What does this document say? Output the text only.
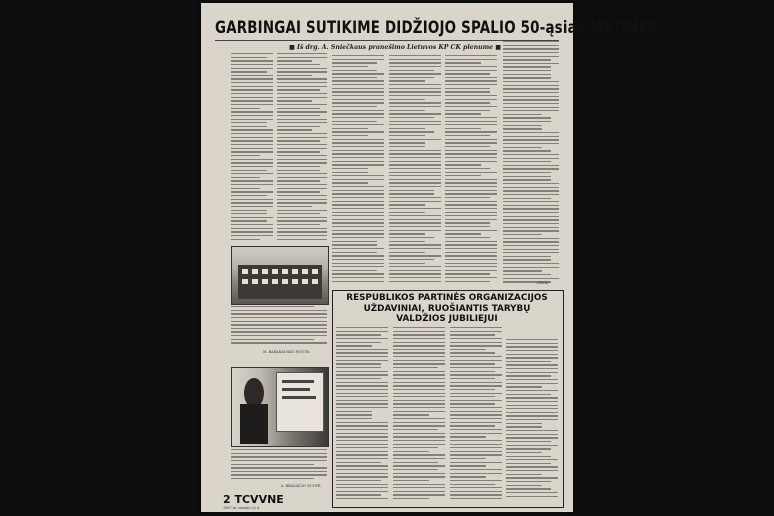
GARBINGAI SUTIKIME DIDŽIOJO SPALIO 50-ąsias METINES
■ Iš drg. A. Sniečkaus pranešimo Lietuvos KP CK plenume ■
M. BARANAUSKO NUOTR.
A. BRAZAIČIO NUOTR.
RESPUBLIKOS PARTINĖS ORGANIZACIJOS
UŽDAVINIAI, RUOŠIANTIS TARYBŲ
VALDŽIOS JUBILIEJUI
(ELTA)
2 TCVVNE
1967 m. vasario 22 d.
